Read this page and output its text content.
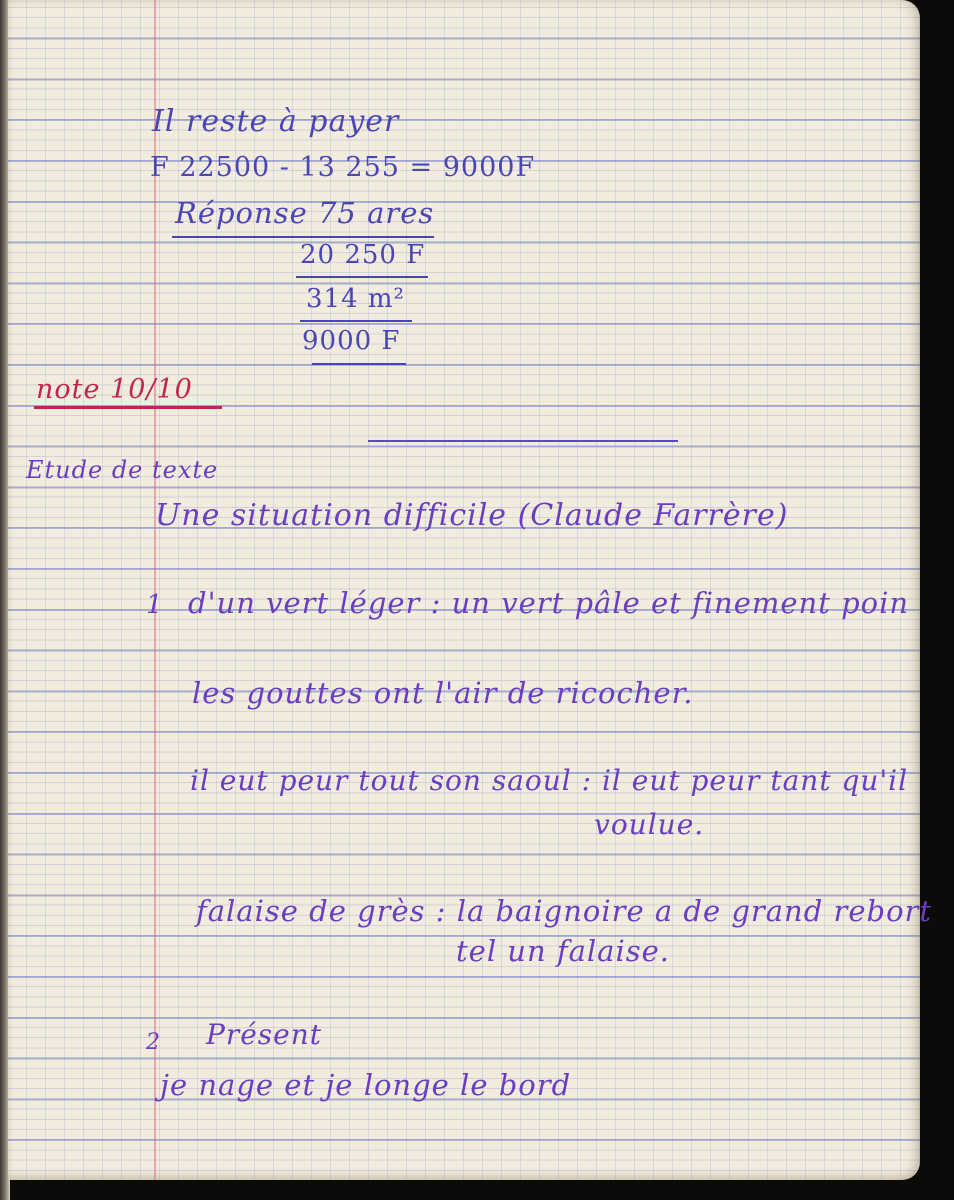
Il reste à payer
F 22500 - 13 255 = 9000F
Réponse 75 ares
20 250 F
314 m²
9000 F
note 10/10
Etude de texte
Une situation difficile (Claude Farrère)
1 d'un vert léger : un vert pâle et finement poin
les gouttes ont l'air de ricocher.
il eut peur tout son saoul : il eut peur tant qu'il
voulue.
falaise de grès : la baignoire a de grand rebort
tel un falaise.
2 Présent
je nage et je longe le bord
